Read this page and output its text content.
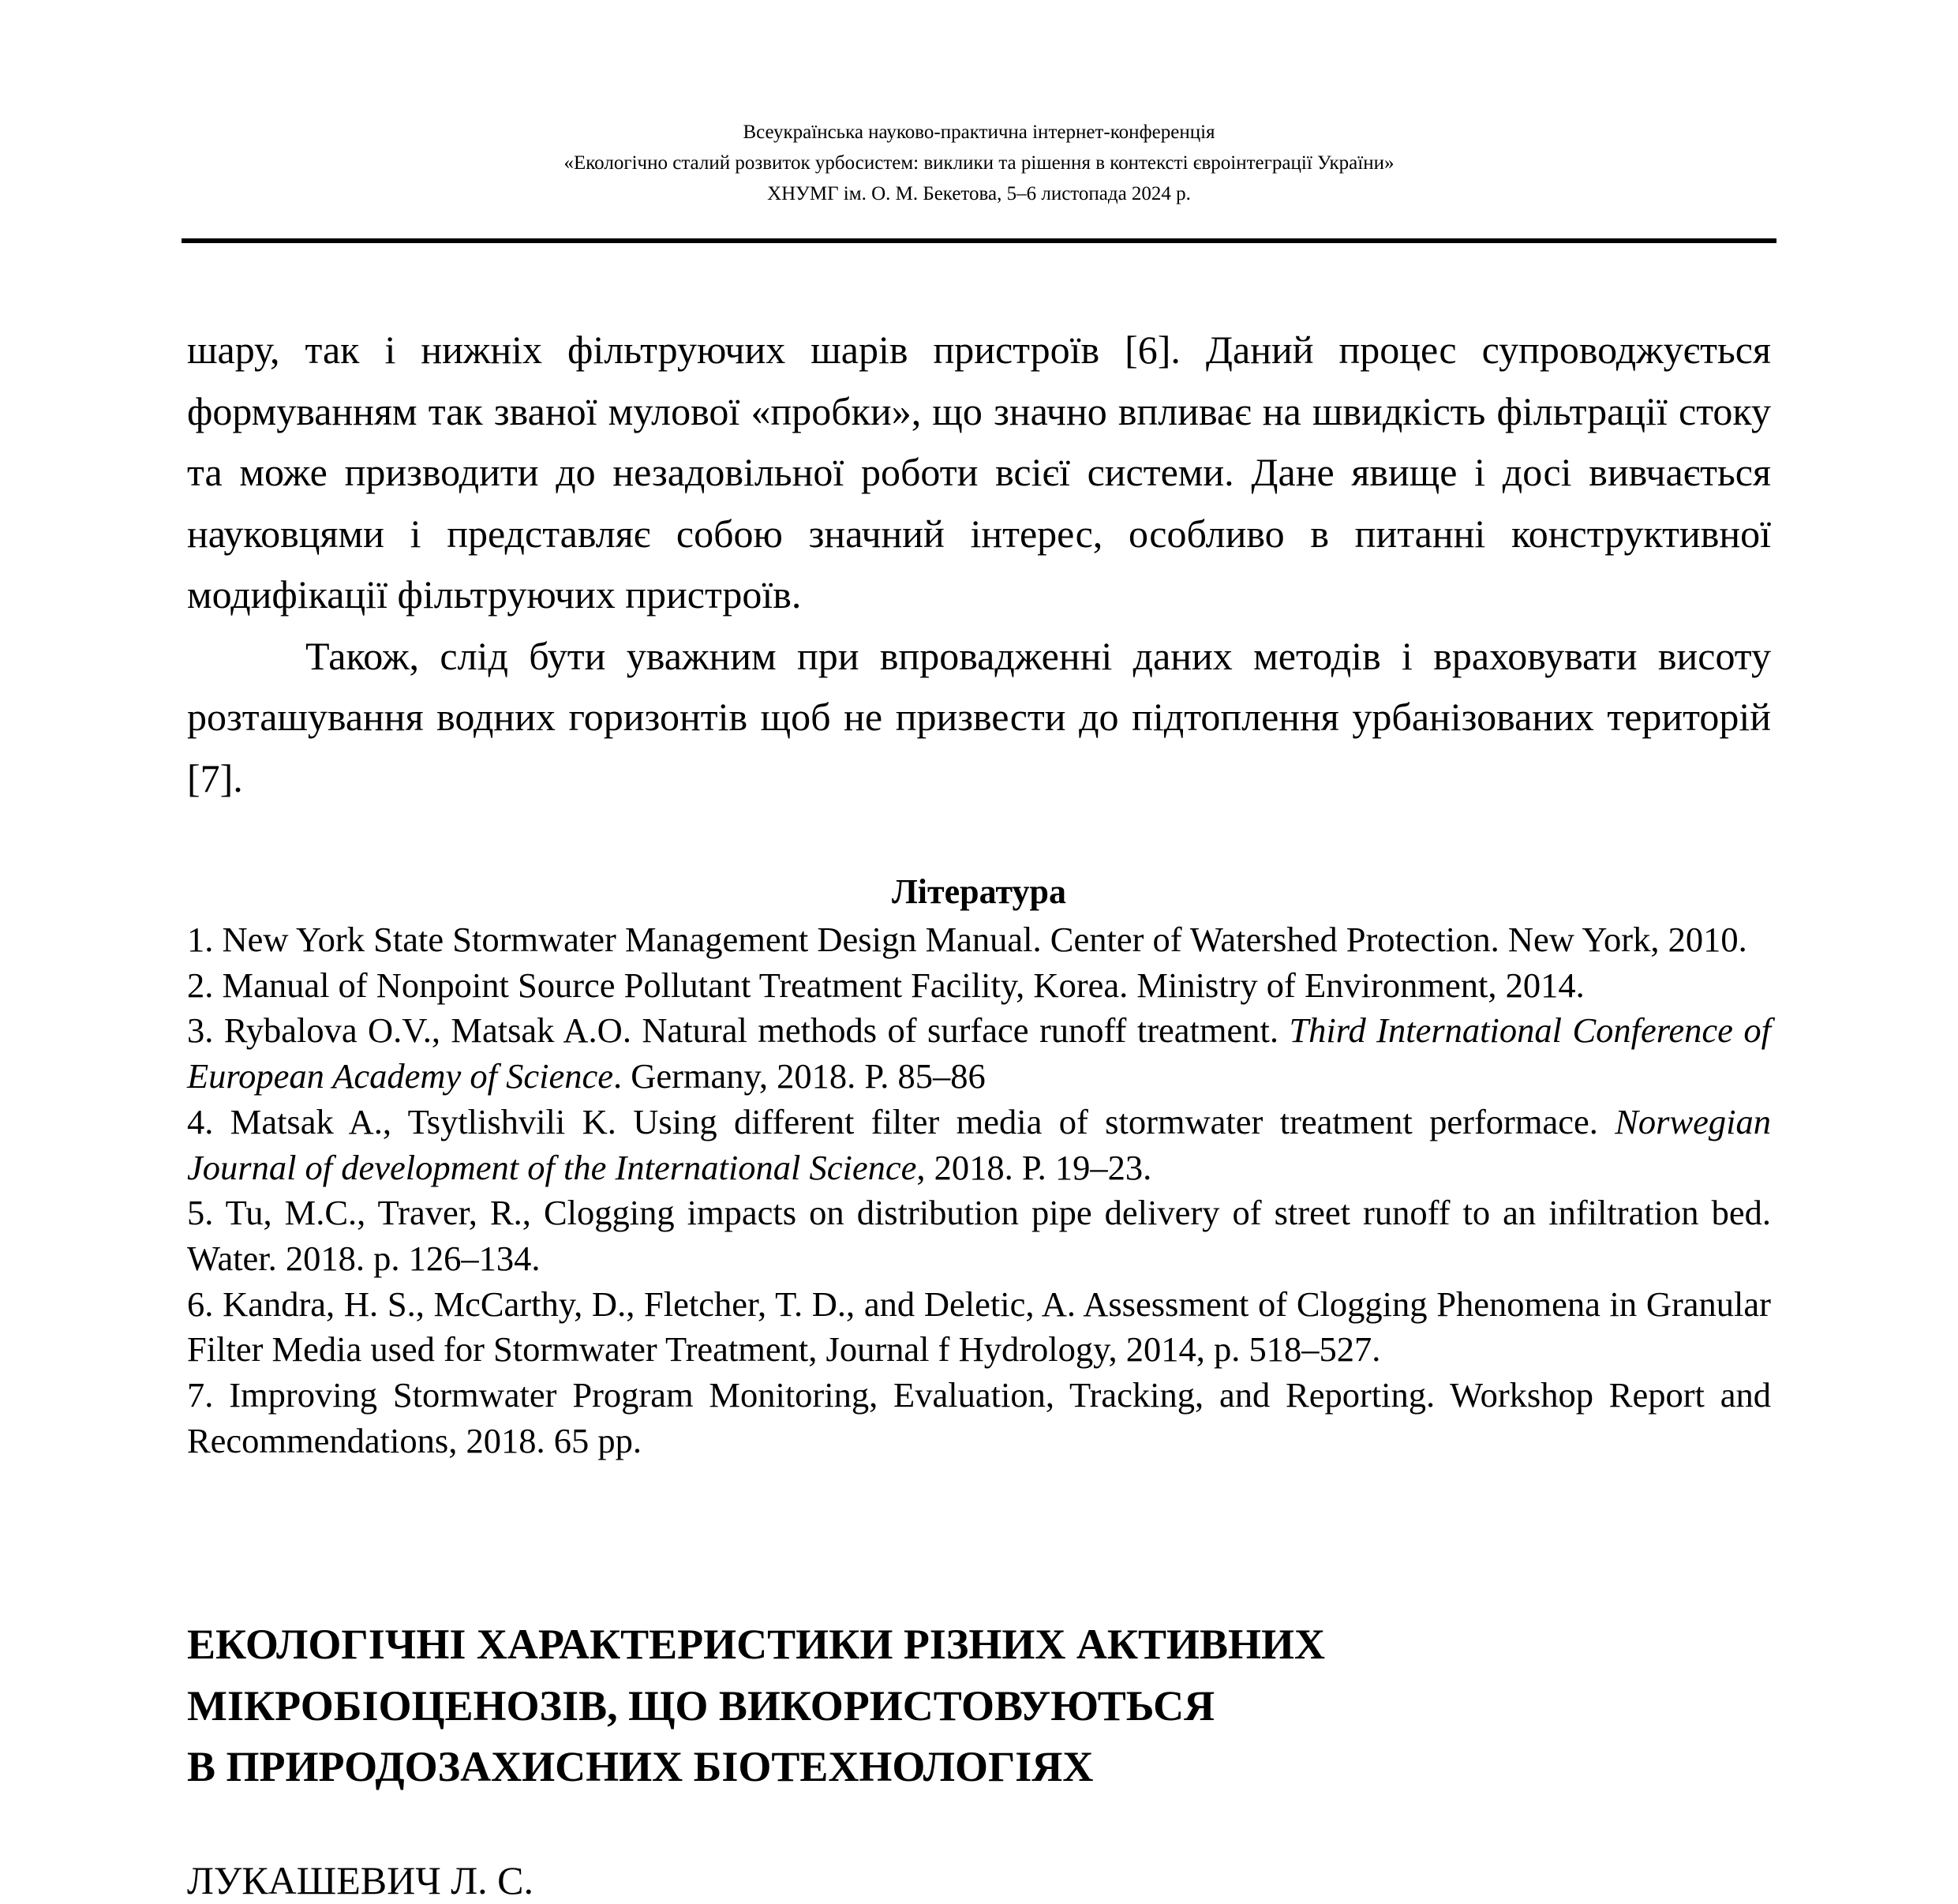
Всеукраїнська науково-практична інтернет-конференція
«Екологічно сталий розвиток урбосистем: виклики та рішення в контексті євроінтеграції України»
ХНУМГ ім. О. М. Бекетова, 5–6 листопада 2024 р.

шару, так і нижніх фільтруючих шарів пристроїв [6]. Даний процес супроводжується формуванням так званої мулової «пробки», що значно впливає на швидкість фільтрації стоку та може призводити до незадовільної роботи всієї системи. Дане явище і досі вивчається науковцями і представляє собою значний інтерес, особливо в питанні конструктивної модифікації фільтруючих пристроїв.

Також, слід бути уважним при впровадженні даних методів і враховувати висоту розташування водних горизонтів щоб не призвести до підтоплення урбанізованих територій [7].

Література

1. New York State Stormwater Management Design Manual. Center of Watershed Protection. New York, 2010.

2. Manual of Nonpoint Source Pollutant Treatment Facility, Korea. Ministry of Environment, 2014.

3. Rybalova O.V., Matsak A.O. Natural methods of surface runoff treatment. Third International Conference of European Academy of Science. Germany, 2018. P. 85–86

4. Matsak A., Tsytlishvili K. Using different filter media of stormwater treatment performace. Norwegian Journal of development of the International Science, 2018. P. 19–23.

5. Tu, M.C., Traver, R., Clogging impacts on distribution pipe delivery of street runoff to an infiltration bed. Water. 2018. p. 126–134.

6. Kandra, H. S., McCarthy, D., Fletcher, T. D., and Deletic, A. Assessment of Clogging Phenomena in Granular Filter Media used for Stormwater Treatment, Journal f Hydrology, 2014, p. 518–527.

7. Improving Stormwater Program Monitoring, Evaluation, Tracking, and Reporting. Workshop Report and Recommendations, 2018. 65 pp.

ЕКОЛОГІЧНІ ХАРАКТЕРИСТИКИ РІЗНИХ АКТИВНИХ
МІКРОБІОЦЕНОЗІВ, ЩО ВИКОРИСТОВУЮТЬСЯ
В ПРИРОДОЗАХИСНИХ БІОТЕХНОЛОГІЯХ
ЛУКАШЕВИЧ Л. С.
